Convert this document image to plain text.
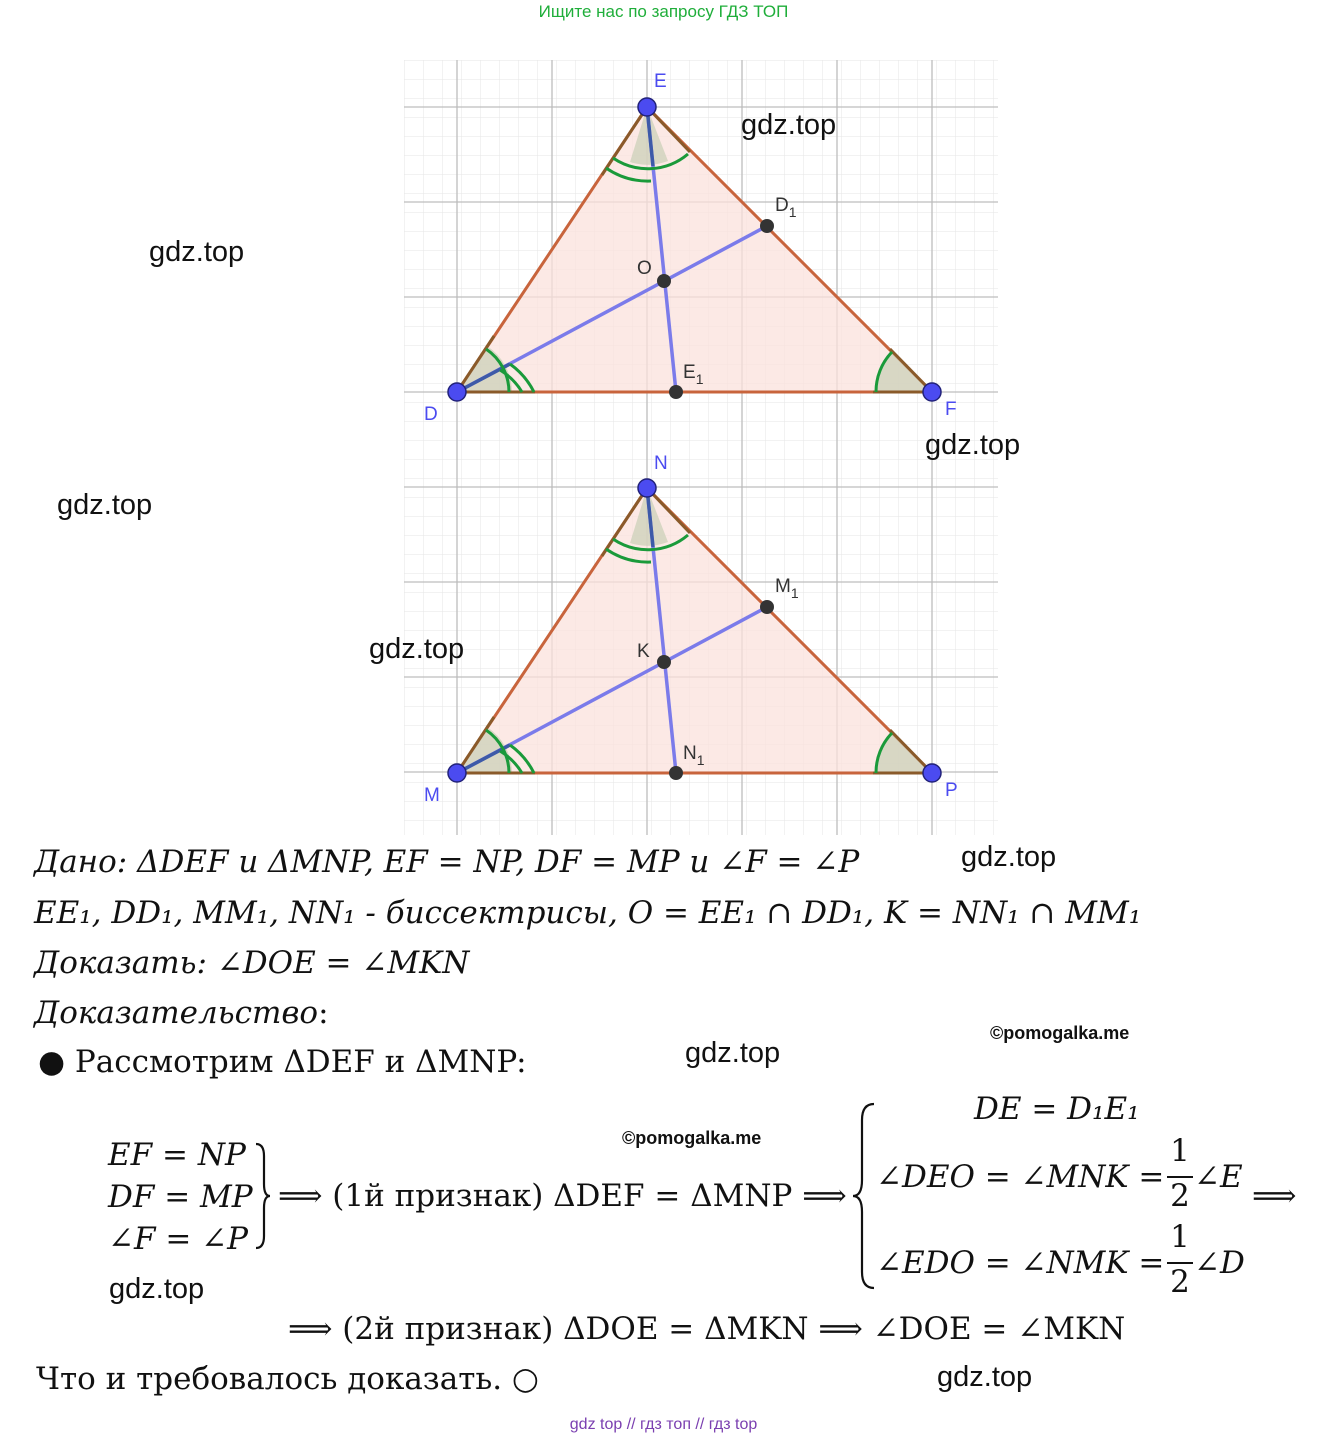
Ищите нас по запросу ГДЗ ТОП
E
D	F
O
$D_1$
$E_1$
N
M	P
K
$M_1$
$N_1$
gdz.top
gdz.top
gdz.top
gdz.top
gdz.top
gdz.top
gdz.top
gdz.top
gdz.top
©pomogalka.me
©pomogalka.me
Дано: ΔDEF и ΔMNP, EF = NP, DF = MP и ∠F = ∠P
EE₁, DD₁, MM₁, NN₁ - биссектрисы, O = EE₁ ∩ DD₁, K = NN₁ ∩ MM₁
Доказать: ∠DOE = ∠MKN
Доказательство:
● Рассмотрим ΔDEF и ΔMNP:
EF = NP
DF = MP
∠F = ∠P
⟹ (1й признак) ΔDEF = ΔMNP ⟹
DE = D₁E₁
∠DEO = ∠MNK =
1
2
∠E
∠EDO = ∠NMK =
1
2
∠D
⟹
⟹ (2й признак) ΔDOE = ΔMKN ⟹ ∠DOE = ∠MKN
Что и требовалось доказать. ○
gdz top // гдз топ // гдз top
